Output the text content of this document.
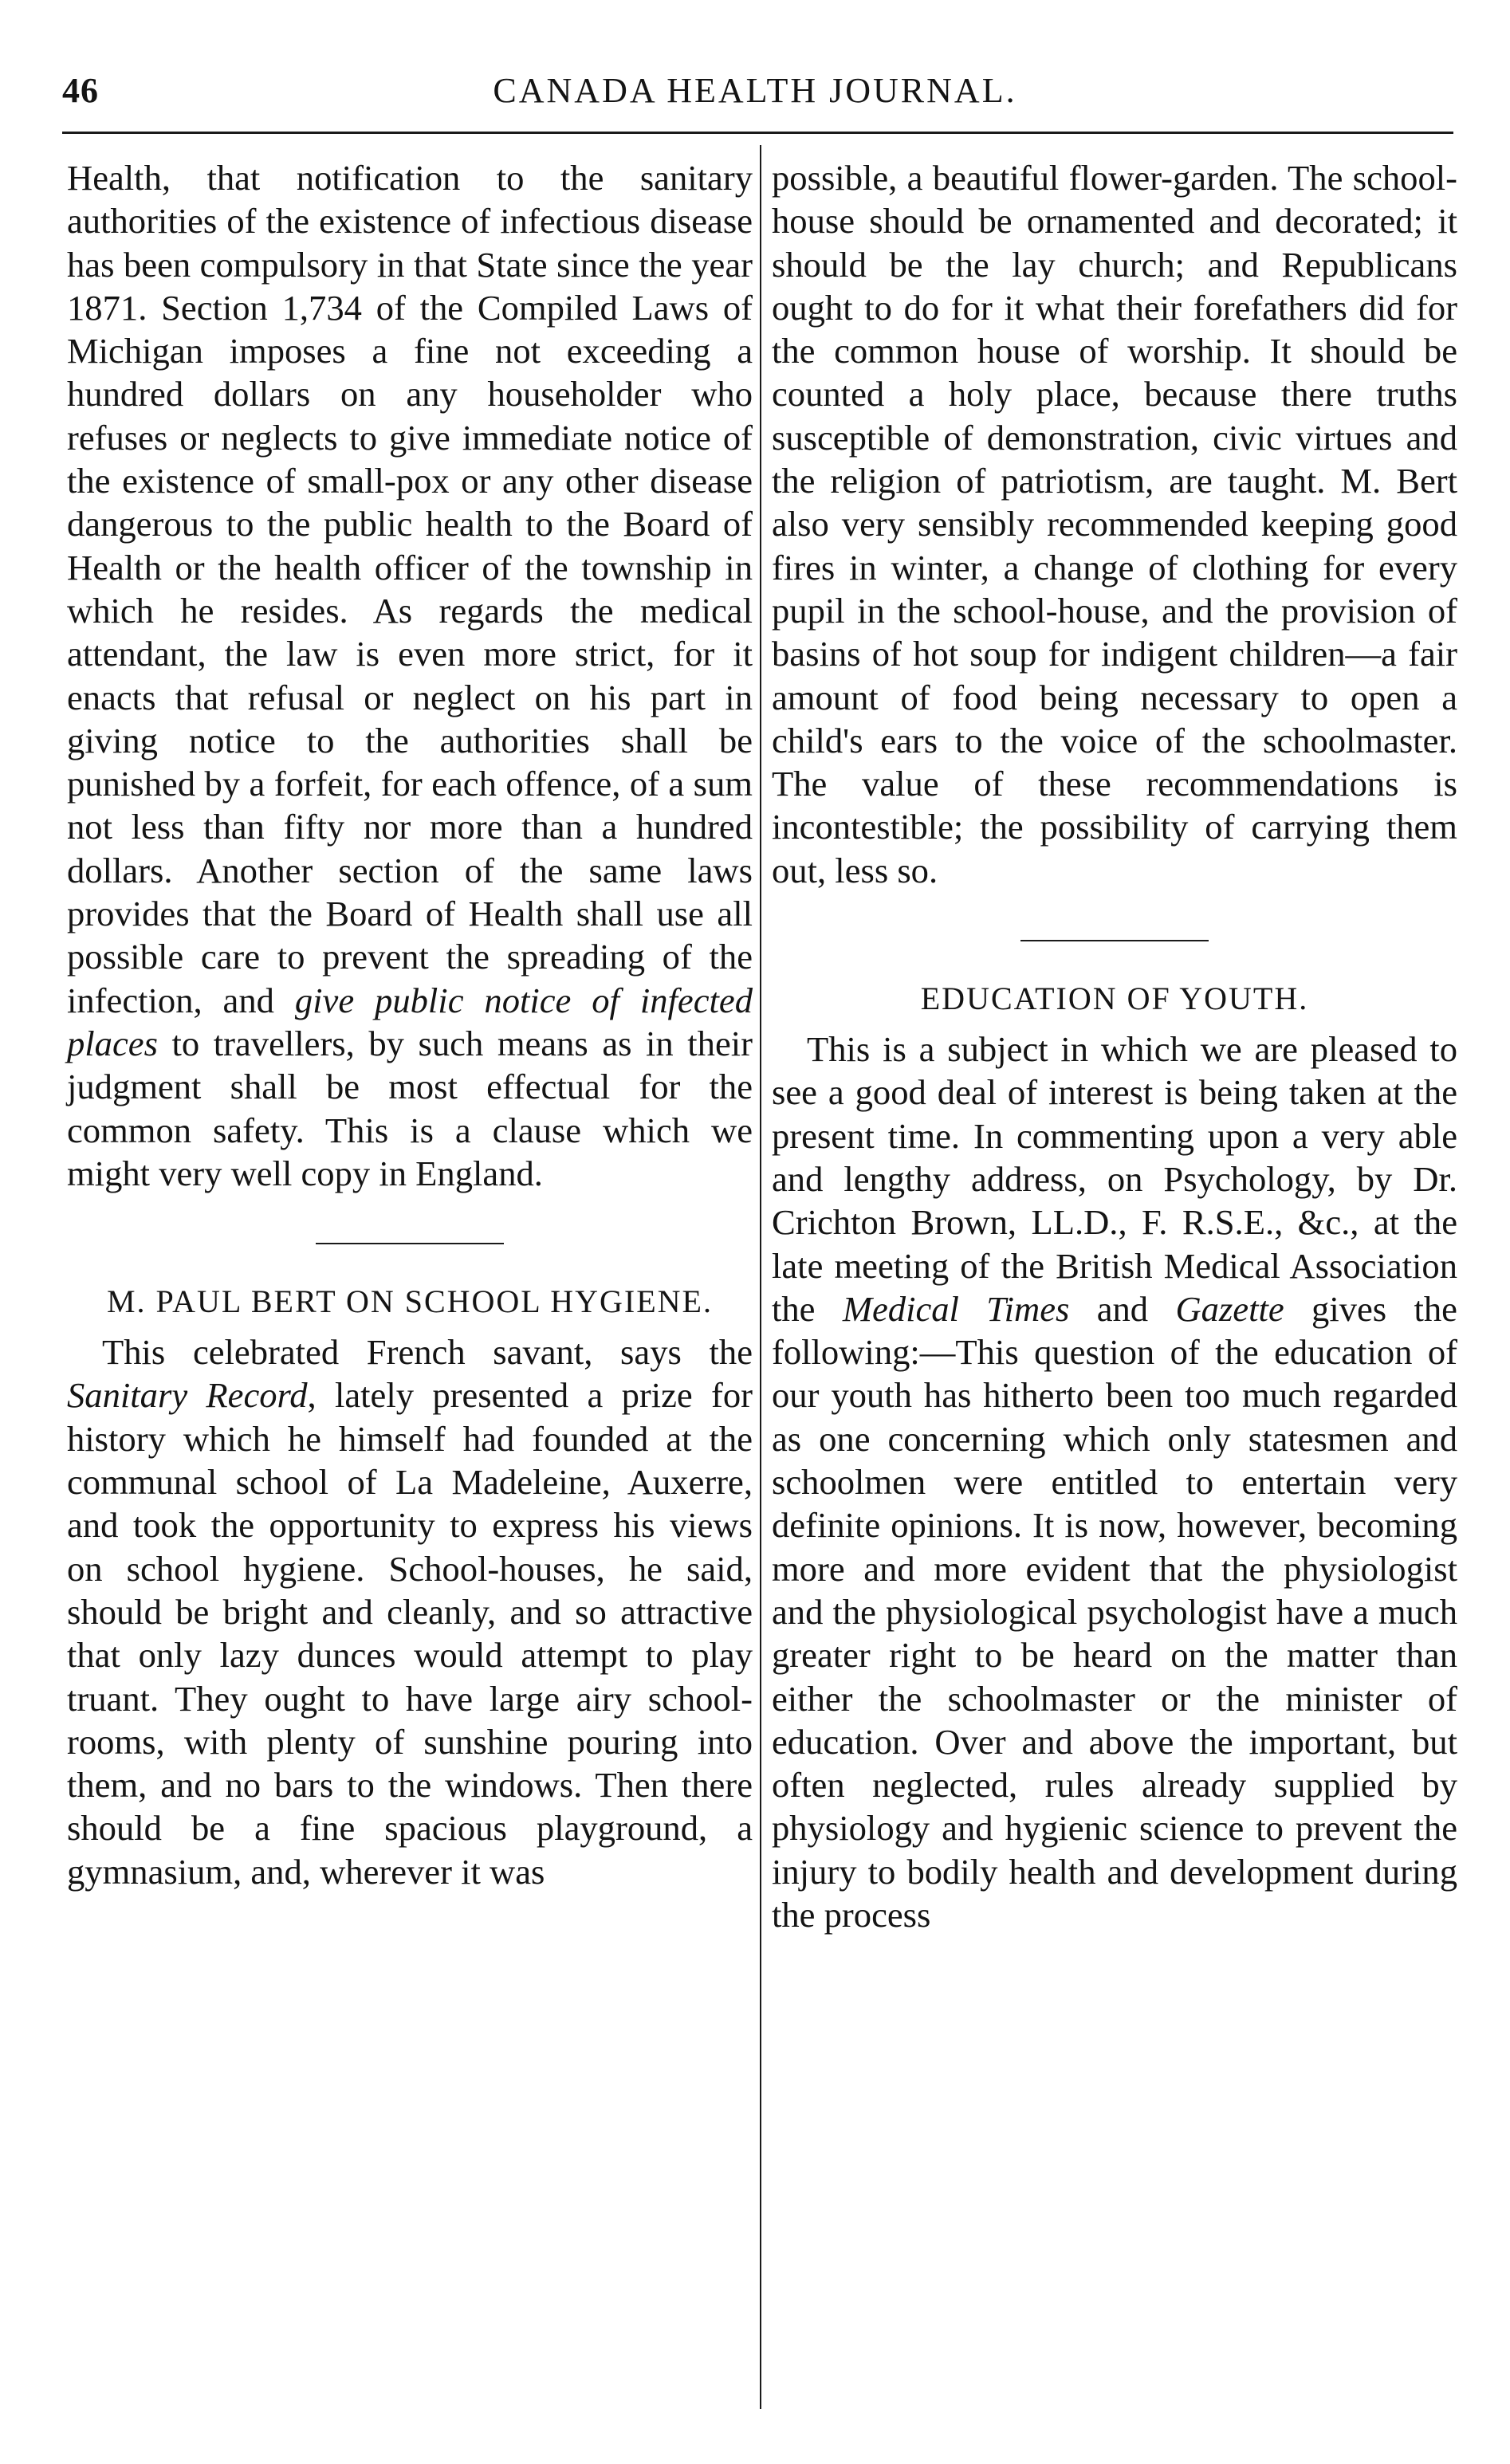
46	CANADA HEALTH JOURNAL.

Health, that notification to the sanitary authorities of the existence of infectious disease has been compulsory in that State since the year 1871. Section 1,734 of the Compiled Laws of Michigan imposes a fine not exceeding a hundred dollars on any householder who refuses or neglects to give immediate notice of the existence of small-pox or any other disease dangerous to the public health to the Board of Health or the health officer of the township in which he resides. As regards the medical attendant, the law is even more strict, for it enacts that refusal or neglect on his part in giving notice to the authorities shall be punished by a forfeit, for each offence, of a sum not less than fifty nor more than a hundred dollars. Another section of the same laws provides that the Board of Health shall use all possible care to prevent the spreading of the infection, and give public notice of infected places to travellers, by such means as in their judgment shall be most effectual for the common safety. This is a clause which we might very well copy in England.

M. PAUL BERT ON SCHOOL HYGIENE.

This celebrated French savant, says the Sanitary Record, lately presented a prize for history which he himself had founded at the communal school of La Madeleine, Auxerre, and took the opportunity to express his views on school hygiene. School-houses, he said, should be bright and cleanly, and so attractive that only lazy dunces would attempt to play truant. They ought to have large airy school-rooms, with plenty of sunshine pouring into them, and no bars to the windows. Then there should be a fine spacious playground, a gymnasium, and, wherever it was

possible, a beautiful flower-garden. The school-house should be ornamented and decorated; it should be the lay church; and Republicans ought to do for it what their forefathers did for the common house of worship. It should be counted a holy place, because there truths susceptible of demonstration, civic virtues and the religion of patriotism, are taught. M. Bert also very sensibly recommended keeping good fires in winter, a change of clothing for every pupil in the school-house, and the provision of basins of hot soup for indigent children—a fair amount of food being necessary to open a child's ears to the voice of the schoolmaster. The value of these recommendations is incontestible; the possibility of carrying them out, less so.

EDUCATION OF YOUTH.

This is a subject in which we are pleased to see a good deal of interest is being taken at the present time. In commenting upon a very able and lengthy address, on Psychology, by Dr. Crichton Brown, LL.D., F. R.S.E., &c., at the late meeting of the British Medical Association the Medical Times and Gazette gives the following:—This question of the education of our youth has hitherto been too much regarded as one concerning which only statesmen and schoolmen were entitled to entertain very definite opinions. It is now, however, becoming more and more evident that the physiologist and the physiological psychologist have a much greater right to be heard on the matter than either the schoolmaster or the minister of education. Over and above the important, but often neglected, rules already supplied by physiology and hygienic science to prevent the injury to bodily health and development during the process
